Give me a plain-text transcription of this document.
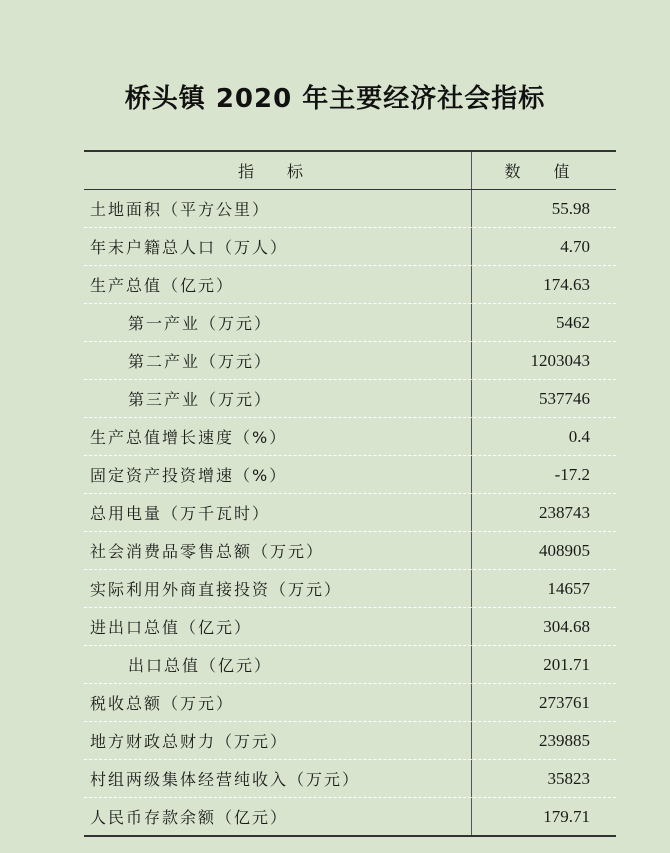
桥头镇 2020 年主要经济社会指标
指 标	数 值
土地面积（平方公里）	55.98
年末户籍总人口（万人）	4.70
生产总值（亿元）	174.63
第一产业（万元）	5462
第二产业（万元）	1203043
第三产业（万元）	537746
生产总值增长速度（%）	0.4
固定资产投资增速（%）	-17.2
总用电量（万千瓦时）	238743
社会消费品零售总额（万元）	408905
实际利用外商直接投资（万元）	14657
进出口总值（亿元）	304.68
出口总值（亿元）	201.71
税收总额（万元）	273761
地方财政总财力（万元）	239885
村组两级集体经营纯收入（万元）	35823
人民币存款余额（亿元）	179.71
